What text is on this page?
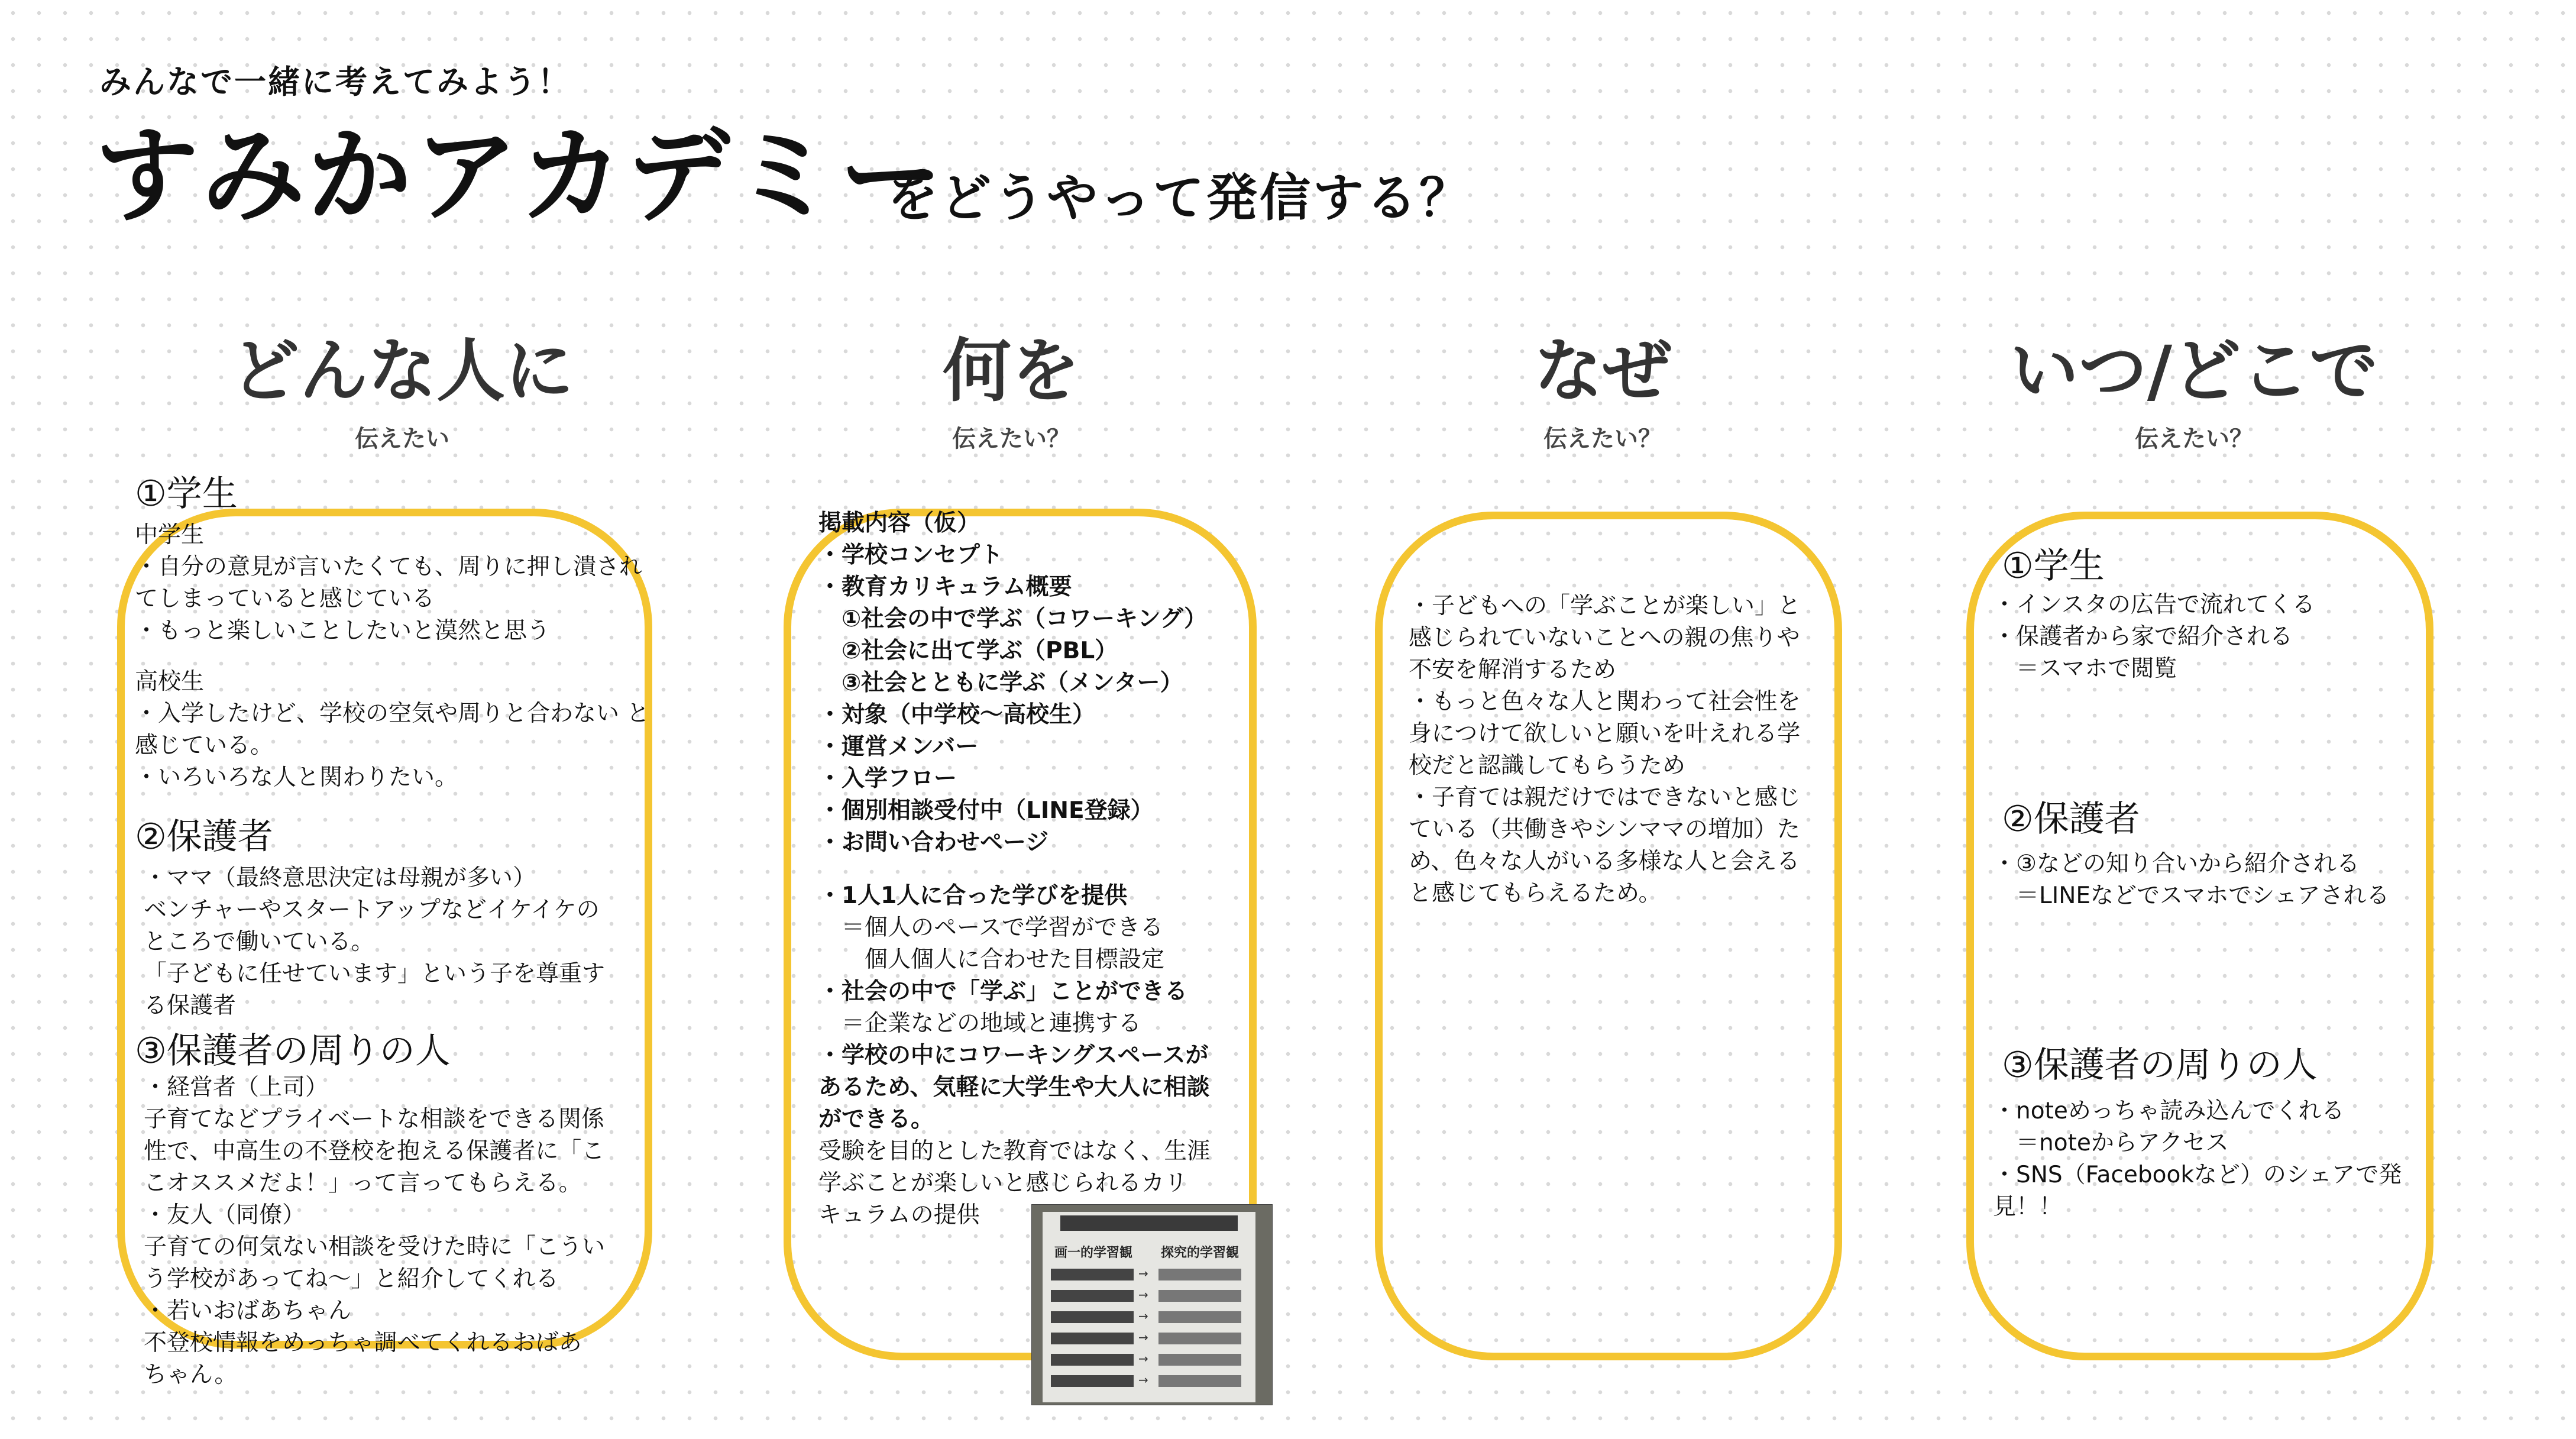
みんなで一緒に考えてみよう！
すみかアカデミー
をどうやって発信する？
どんな人に
伝えたい
何を
伝えたい？
なぜ
伝えたい？
いつ/どこで
伝えたい？
①学生
中学生
・自分の意見が言いたくても、周りに押し潰され てしまっていると感じている
・もっと楽しいことしたいと漠然と思う
高校生
・入学したけど、学校の空気や周りと合わない と感じている。
・いろいろな人と関わりたい。
②保護者
・ママ（最終意思決定は母親が多い）
ベンチャーやスタートアップなどイケイケの
ところで働いている。
「子どもに任せています」という子を尊重す
る保護者
③保護者の周りの人
・経営者（上司）
子育てなどプライベートな相談をできる関係
性で、中高生の不登校を抱える保護者に「こ
こオススメだよ！」って言ってもらえる。
・友人（同僚）
子育ての何気ない相談を受けた時に「こうい
う学校があってね〜」と紹介してくれる
・若いおばあちゃん
不登校情報をめっちゃ調べてくれるおばあ
ちゃん。
掲載内容（仮）
・学校コンセプト
・教育カリキュラム概要
　①社会の中で学ぶ（コワーキング）
　②社会に出て学ぶ（PBL）
　③社会とともに学ぶ（メンター）
・対象（中学校〜高校生）
・運営メンバー
・入学フロー
・個別相談受付中（LINE登録）
・お問い合わせページ
・1人1人に合った学びを提供
　＝個人のペースで学習ができる
　　個人個人に合わせた目標設定
・社会の中で「学ぶ」ことができる
　＝企業などの地域と連携する
・学校の中にコワーキングスペースが
あるため、気軽に大学生や大人に相談
ができる。
受験を目的とした教育ではなく、生涯
学ぶことが楽しいと感じられるカリ
キュラムの提供
・子どもへの「学ぶことが楽しい」と
感じられていないことへの親の焦りや
不安を解消するため
・もっと色々な人と関わって社会性を
身につけて欲しいと願いを叶えれる学
校だと認識してもらうため
・子育ては親だけではできないと感じ
ている（共働きやシンママの増加）た
め、色々な人がいる多様な人と会える
と感じてもらえるため。
①学生
・インスタの広告で流れてくる
・保護者から家で紹介される
　＝スマホで閲覧
②保護者
・③などの知り合いから紹介される
　＝LINEなどでスマホでシェアされる
③保護者の周りの人
・noteめっちゃ読み込んでくれる
　＝noteからアクセス
・SNS（Facebookなど）のシェアで発
見！！
画一的学習観 探究的学習観
→
→
→
→
→
→
